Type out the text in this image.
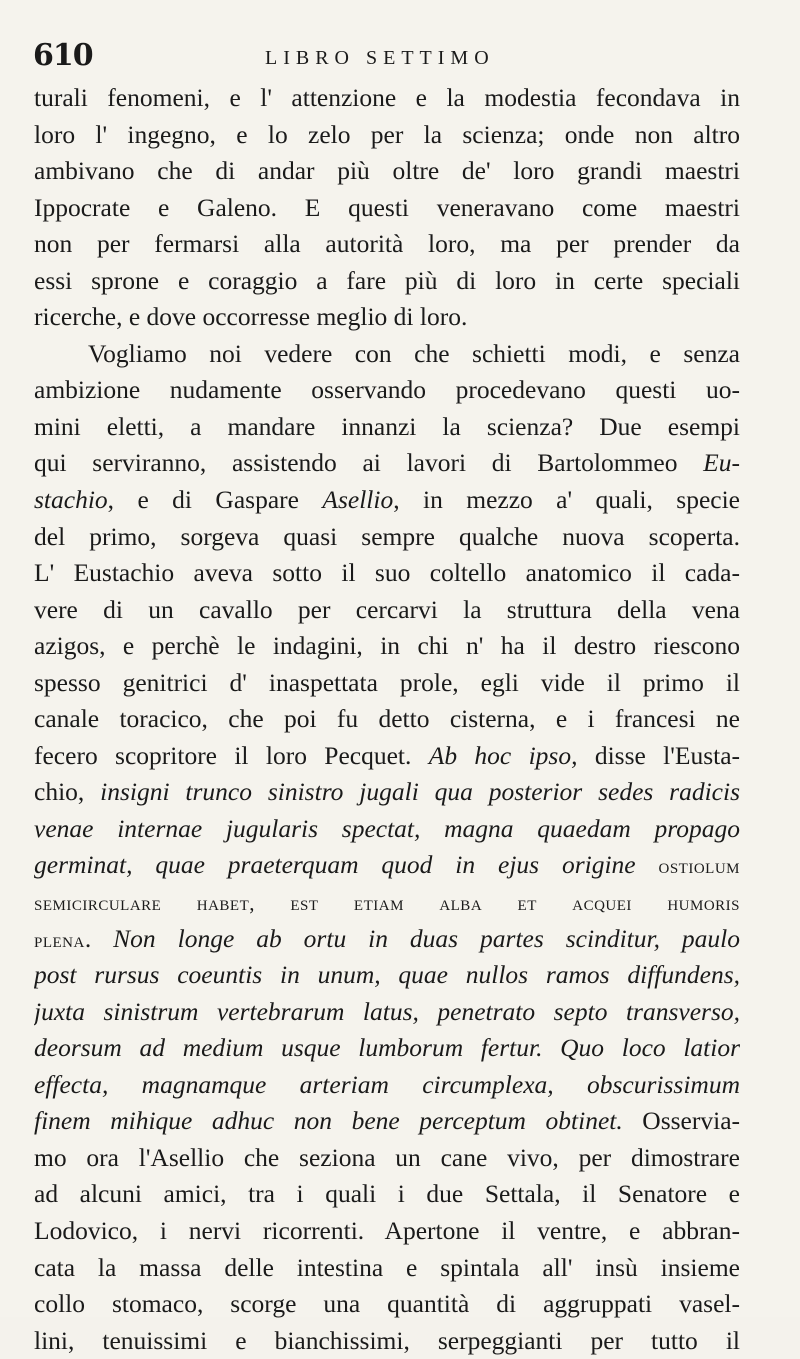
610	LIBRO SETTIMO
turali fenomeni, e l' attenzione e la modestia fecondava in
loro l' ingegno, e lo zelo per la scienza; onde non altro
ambivano che di andar più oltre de' loro grandi maestri
Ippocrate e Galeno. E questi veneravano come maestri
non per fermarsi alla autorità loro, ma per prender da
essi sprone e coraggio a fare più di loro in certe speciali
ricerche, e dove occorresse meglio di loro.
Vogliamo noi vedere con che schietti modi, e senza
ambizione nudamente osservando procedevano questi uo-
mini eletti, a mandare innanzi la scienza? Due esempi
qui serviranno, assistendo ai lavori di Bartolommeo Eu-
stachio, e di Gaspare Asellio, in mezzo a' quali, specie
del primo, sorgeva quasi sempre qualche nuova scoperta.
L' Eustachio aveva sotto il suo coltello anatomico il cada-
vere di un cavallo per cercarvi la struttura della vena
azigos, e perchè le indagini, in chi n' ha il destro riescono
spesso genitrici d' inaspettata prole, egli vide il primo il
canale toracico, che poi fu detto cisterna, e i francesi ne
fecero scopritore il loro Pecquet. Ab hoc ipso, disse l'Eusta-
chio, insigni trunco sinistro jugali qua posterior sedes radicis
venae internae jugularis spectat, magna quaedam propago
germinat, quae praeterquam quod in ejus origine ostiolum
semicirculare habet, est etiam alba et acquei humoris
plena. Non longe ab ortu in duas partes scinditur, paulo
post rursus coeuntis in unum, quae nullos ramos diffundens,
juxta sinistrum vertebrarum latus, penetrato septo transverso,
deorsum ad medium usque lumborum fertur. Quo loco latior
effecta, magnamque arteriam circumplexa, obscurissimum
finem mihique adhuc non bene perceptum obtinet. Osservia-
mo ora l'Asellio che seziona un cane vivo, per dimostrare
ad alcuni amici, tra i quali i due Settala, il Senatore e
Lodovico, i nervi ricorrenti. Apertone il ventre, e abbran-
cata la massa delle intestina e spintala all' insù insieme
collo stomaco, scorge una quantità di aggruppati vasel-
lini, tenuissimi e bianchissimi, serpeggianti per tutto il
